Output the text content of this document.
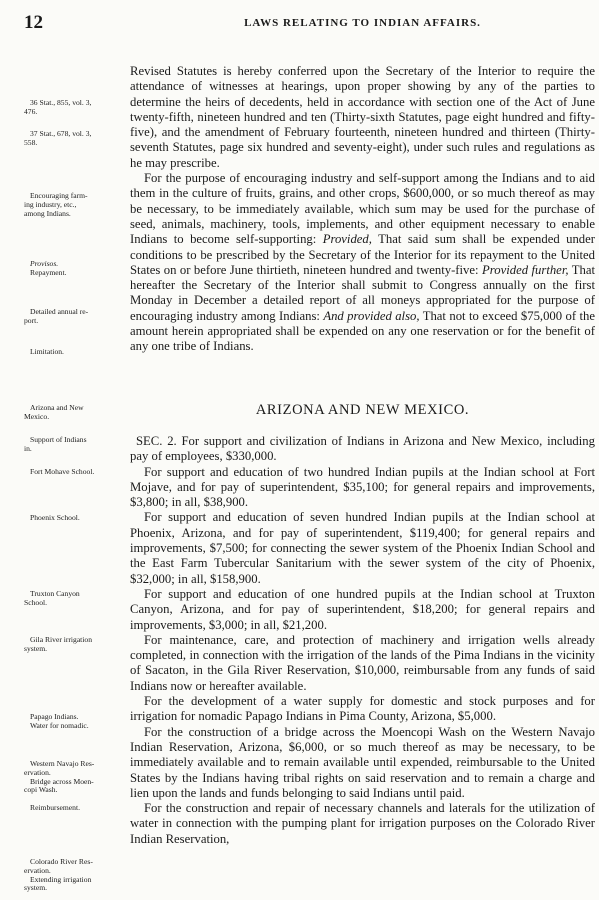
12	LAWS RELATING TO INDIAN AFFAIRS.
36 Stat., 855, vol. 3,
476.
37 Stat., 678, vol. 3,
558.
Encouraging farm-
ing industry, etc.,
among Indians.
Provisos.
Repayment.
Detailed annual re-
port.
Limitation.
Arizona and New
Mexico.
Support of Indians
in.
Fort Mohave School.
Phoenix School.
Truxton Canyon
School.
Gila River irrigation
system.
Papago Indians.
Water for nomadic.
Western Navajo Res-
ervation.
Bridge across Moen-
copi Wash.
Reimbursement.
Colorado River Res-
ervation.
Extending irrigation
system.

Revised Statutes is hereby conferred upon the Secretary of the Interior to require the attendance of witnesses at hearings, upon proper showing by any of the parties to determine the heirs of decedents, held in accordance with section one of the Act of June twenty-fifth, nineteen hundred and ten (Thirty-sixth Statutes, page eight hundred and fifty-five), and the amendment of February fourteenth, nineteen hundred and thirteen (Thirty-seventh Statutes, page six hundred and seventy-eight), under such rules and regulations as he may prescribe.

For the purpose of encouraging industry and self-support among the Indians and to aid them in the culture of fruits, grains, and other crops, $600,000, or so much thereof as may be necessary, to be immediately available, which sum may be used for the purchase of seed, animals, machinery, tools, implements, and other equipment necessary to enable Indians to become self-supporting: Provided, That said sum shall be expended under conditions to be prescribed by the Secretary of the Interior for its repayment to the United States on or before June thirtieth, nineteen hundred and twenty-five: Provided further, That hereafter the Secretary of the Interior shall submit to Congress annually on the first Monday in December a detailed report of all moneys appropriated for the purpose of encouraging industry among Indians: And provided also, That not to exceed $75,000 of the amount herein appropriated shall be expended on any one reservation or for the benefit of any one tribe of Indians.

ARIZONA AND NEW MEXICO.

SEC. 2. For support and civilization of Indians in Arizona and New Mexico, including pay of employees, $330,000.

For support and education of two hundred Indian pupils at the Indian school at Fort Mojave, and for pay of superintendent, $35,100; for general repairs and improvements, $3,800; in all, $38,900.

For support and education of seven hundred Indian pupils at the Indian school at Phoenix, Arizona, and for pay of superintendent, $119,400; for general repairs and improvements, $7,500; for connecting the sewer system of the Phoenix Indian School and the East Farm Tubercular Sanitarium with the sewer system of the city of Phoenix, $32,000; in all, $158,900.

For support and education of one hundred pupils at the Indian school at Truxton Canyon, Arizona, and for pay of superintendent, $18,200; for general repairs and improvements, $3,000; in all, $21,200.

For maintenance, care, and protection of machinery and irrigation wells already completed, in connection with the irrigation of the lands of the Pima Indians in the vicinity of Sacaton, in the Gila River Reservation, $10,000, reimbursable from any funds of said Indians now or hereafter available.

For the development of a water supply for domestic and stock purposes and for irrigation for nomadic Papago Indians in Pima County, Arizona, $5,000.

For the construction of a bridge across the Moencopi Wash on the Western Navajo Indian Reservation, Arizona, $6,000, or so much thereof as may be necessary, to be immediately available and to remain available until expended, reimbursable to the United States by the Indians having tribal rights on said reservation and to remain a charge and lien upon the lands and funds belonging to said Indians until paid.

For the construction and repair of necessary channels and laterals for the utilization of water in connection with the pumping plant for irrigation purposes on the Colorado River Indian Reservation,
